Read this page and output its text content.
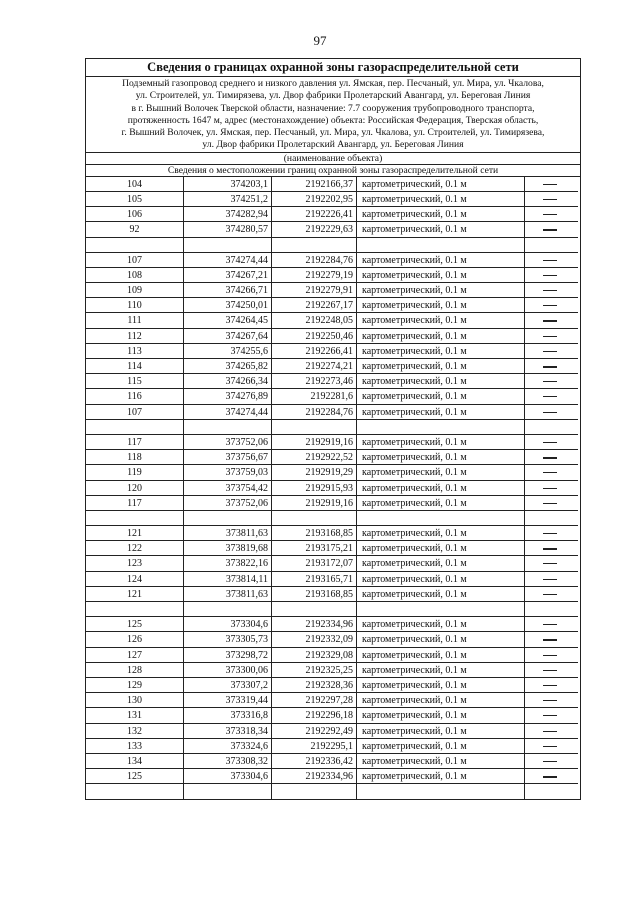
97
Сведения о границах охранной зоны газораспределительной сети
Подземный газопровод среднего и низкого давления ул. Ямская, пер. Песчаный, ул. Мира, ул. Чкалова,
ул. Строителей, ул. Тимирязева, ул. Двор фабрики Пролетарский Авангард, ул. Береговая Линия
в г. Вышний Волочек Тверской области, назначение: 7.7 сооружения трубопроводного транспорта,
протяженность 1647 м, адрес (местонахождение) объекта: Российская Федерация, Тверская область,
г. Вышний Волочек, ул. Ямская, пер. Песчаный, ул. Мира, ул. Чкалова, ул. Строителей, ул. Тимирязева,
ул. Двор фабрики Пролетарский Авангард, ул. Береговая Линия
(наименование объекта)
Сведения о местоположении границ охранной зоны газораспределительной сети
104	374203,1	2192166,37 картометрический, 0.1 м
105	374251,2	2192202,95 картометрический, 0.1 м
106	374282,94	2192226,41 картометрический, 0.1 м
92	374280,57	2192229,63 картометрический, 0.1 м
107	374274,44	2192284,76 картометрический, 0.1 м
108	374267,21	2192279,19 картометрический, 0.1 м
109	374266,71	2192279,91 картометрический, 0.1 м
110	374250,01	2192267,17 картометрический, 0.1 м
111	374264,45	2192248,05 картометрический, 0.1 м
112	374267,64	2192250,46 картометрический, 0.1 м
113	374255,6	2192266,41 картометрический, 0.1 м
114	374265,82	2192274,21 картометрический, 0.1 м
115	374266,34	2192273,46 картометрический, 0.1 м
116	374276,89	2192281,6 картометрический, 0.1 м
107	374274,44	2192284,76 картометрический, 0.1 м
117	373752,06	2192919,16 картометрический, 0.1 м
118	373756,67	2192922,52 картометрический, 0.1 м
119	373759,03	2192919,29 картометрический, 0.1 м
120	373754,42	2192915,93 картометрический, 0.1 м
117	373752,06	2192919,16 картометрический, 0.1 м
121	373811,63	2193168,85 картометрический, 0.1 м
122	373819,68	2193175,21 картометрический, 0.1 м
123	373822,16	2193172,07 картометрический, 0.1 м
124	373814,11	2193165,71 картометрический, 0.1 м
121	373811,63	2193168,85 картометрический, 0.1 м
125	373304,6	2192334,96 картометрический, 0.1 м
126	373305,73	2192332,09 картометрический, 0.1 м
127	373298,72	2192329,08 картометрический, 0.1 м
128	373300,06	2192325,25 картометрический, 0.1 м
129	373307,2	2192328,36 картометрический, 0.1 м
130	373319,44	2192297,28 картометрический, 0.1 м
131	373316,8	2192296,18 картометрический, 0.1 м
132	373318,34	2192292,49 картометрический, 0.1 м
133	373324,6	2192295,1 картометрический, 0.1 м
134	373308,32	2192336,42 картометрический, 0.1 м
125	373304,6	2192334,96 картометрический, 0.1 м
